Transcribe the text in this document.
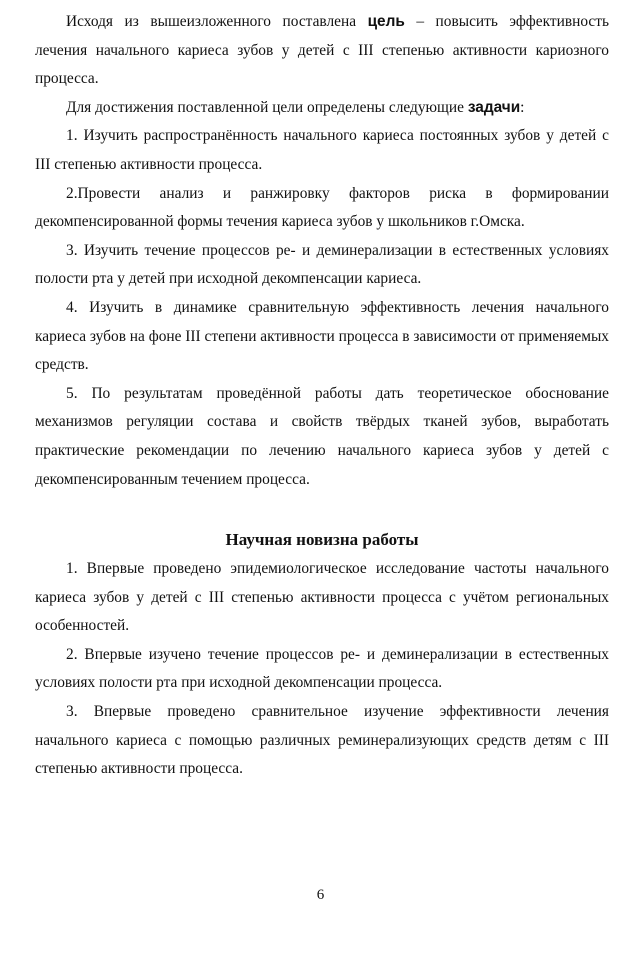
Исходя из вышеизложенного поставлена цель – повысить эффективность лечения начального кариеса зубов у детей с III степенью активности кариозного процесса.

Для достижения поставленной цели определены следующие задачи:

1. Изучить распространённость начального кариеса постоянных зубов у детей с III степенью активности процесса.

2.Провести анализ и ранжировку факторов риска в формировании декомпенсированной формы течения кариеса зубов у школьников г.Омска.

3. Изучить течение процессов ре- и деминерализации в естественных условиях полости рта у детей при исходной декомпенсации кариеса.

4. Изучить в динамике сравнительную эффективность лечения начального кариеса зубов на фоне III степени активности процесса в зависимости от применяемых средств.

5. По результатам проведённой работы дать теоретическое обоснование механизмов регуляции состава и свойств твёрдых тканей зубов, выработать практические рекомендации по лечению начального кариеса зубов у детей с декомпенсированным течением процесса.

Научная новизна работы

1. Впервые проведено эпидемиологическое исследование частоты начального кариеса зубов у детей с III степенью активности процесса с учётом региональных особенностей.

2. Впервые изучено течение процессов ре- и деминерализации в естественных условиях полости рта при исходной декомпенсации процесса.

3. Впервые проведено сравнительное изучение эффективности лечения начального кариеса с помощью различных реминерализующих средств детям с III степенью активности процесса.

6
